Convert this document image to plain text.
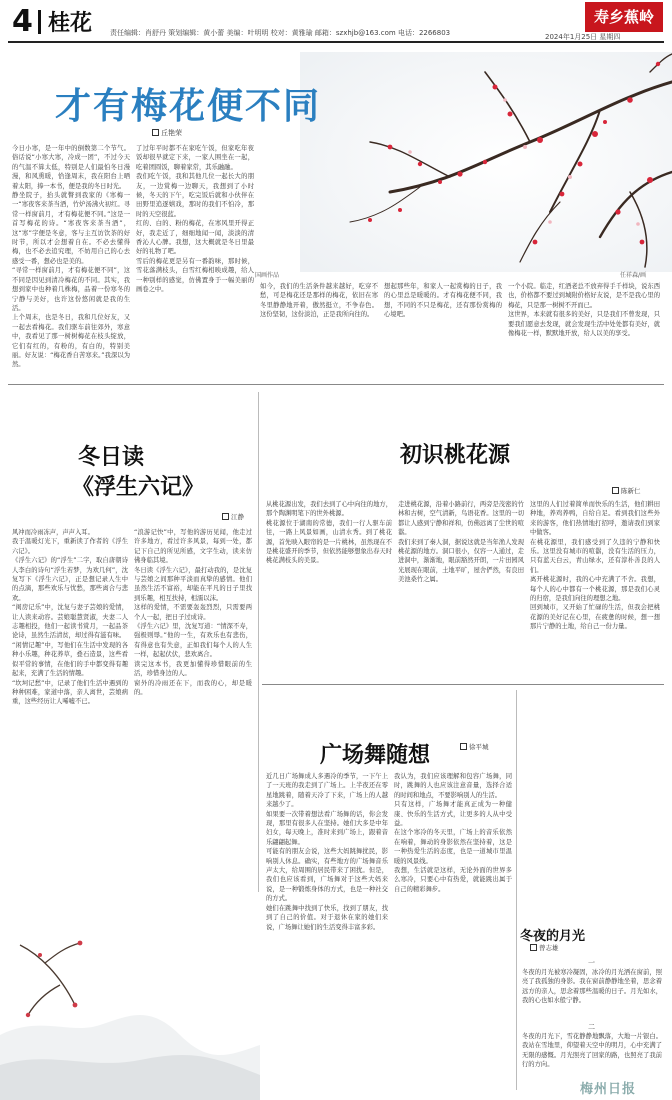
4 桂花	责任编辑：肖舒丹 策划编辑：黄小蕾 美编：叶明明 校对：黄雅瑜 邮箱：szxhjb@163.com 电话：2266803
寿乡蕉岭
2024年1月25日 星期四
国画作品	任祥森/画
才有梅花便不同
丘艳荣

今日小寒，是一年中的倒数第二个节气。俗话说“小寒大寒，冷成一团”，不过今天的气温不算太低，特别是人们最怕冬日漫漫，和风熏暖，恰逢周末，我在阳台上晒着太阳，捧一本书，便是我的冬日时光。

静坐院子，抬头就瞥到我家的《寒梅一一“寒夜客来茶当酒，竹炉汤沸火初红。寻常一样窗前月，才有梅花便不同。”这是一首写梅花的诗。“寒夜客来茶当酒”，这“寒”字便是冬意，客与主互访饮茶的好时节，所以才会想着自在。不必去懂得梅，也不必去追究理，不妨用自己的心去感受一番，想必也是美的。

“寻常一样窗前月，才有梅花便不同”，这不同是因见到清冷梅花的不同。其实，我想到家中也种着几株梅，品着一份寒冬的宁静与美好，也许这份悠闲就是我的生活。

上个周末，也是冬日，我和几位好友，又一起去看梅花。我们驱车前往郊外，寒意中，我看见了那一树树梅花在枝头绽放，它们有红的，有粉的，有白的，特别美丽。好友说：“梅花香自苦寒来。”我深以为然。

了过年平时都不在家吃午饭，但家吃年夜饭却很早就定下来，一家人围坐在一起，吃着团圆饭，聊着家常，其乐融融。

我们吃午饭，我和其他几位一起长大的朋友，一边赏梅一边聊天，我想到了小时候，冬天的下午，吃完饭后就和小伙伴在田野里追逐嬉戏，那时的我们不怕冷，那时的天空很蓝。

红的、白的、粉的梅花，在寒风里开得正好，我走近了，细细地闻一闻，淡淡的清香沁人心脾。我想，这大概就是冬日里最好的礼物了吧。

雪后的梅花更是另有一番韵味，那时候，雪花落满枝头，白雪红梅相映成趣，给人一种别样的感觉，仿佛置身于一幅美丽的画卷之中。	如今，我们的生活条件越来越好，吃穿不愁，可是梅花还是那样的梅花，依旧在寒冬里静静地开着，傲然挺立，不争春色。这份坚韧，这份淡泊，正是我所向往的。

想起那些年，和家人一起赏梅的日子，我的心里总是暖暖的。才有梅花便不同，我想，不同的不只是梅花，还有那份赏梅的心境吧。

一个小院。临走，红酒老总不放弃得手千样块，说东西也，价格都不要过到城附价格好友说，是不是我心里的梅花，只是那一树树不开而已。

这世界，本来就有很多的美好，只是我们不曾发现，只要我们愿意去发现，就会发现生活中处处都有美好，就像梅花一样，默默地开放，给人以美的享受。

冬日读
《浮生六记》
江静

风冲而冷雨冻声，声声入耳。

我于温暖灯光下，重新读了作者的《浮生六记》。

《浮生六记》的“浮生”二字，取自唐朝诗人李白的诗句“浮生若梦，为欢几何”，沈复写下《浮生六记》，正是想记录人生中的点滴，那些欢乐与忧愁，那些离合与悲欢。

“闺房记乐”中，沈复与妻子芸娘的爱情，让人读来动容。芸娘聪慧贤淑，夫妻二人志趣相投，他们一起读书赏月，一起品茶论诗，虽然生活清贫，却过得有滋有味。

“闲情记趣”中，写他们在生活中发现的各种小乐趣，种花养草，叠石造景，这些看似平常的事情，在他们的手中都变得有趣起来，充满了生活的情趣。

“坎坷记愁”中，记录了他们生活中遇到的种种困难，家道中落，亲人离世，芸娘病重，这些经历让人唏嘘不已。

“浪游记快”中，写他的游历见闻，他走过许多地方，看过许多风景，每到一处，都记下自己的所见所感，文字生动，读来仿佛身临其境。

冬日读《浮生六记》，最打动我的，是沈复与芸娘之间那种平淡而真挚的感情。他们虽然生活不富裕，却能在平凡的日子里找到乐趣，相互扶持，相濡以沫。

这样的爱情，不需要轰轰烈烈，只需要两个人一起，把日子过成诗。

《浮生六记》里，沈复写道：“情深不寿，强极则辱。”他的一生，有欢乐也有悲伤，有得意也有失意，正如我们每个人的人生一样，起起伏伏，悲欢离合。

读完这本书，我更加懂得珍惜眼前的生活，珍惜身边的人。

窗外的冷雨还在下，而我的心，却是暖的。

初识桃花源
陈新仁

从桃花源出发，我们去到了心中向往的地方，那个陶渊明笔下的世外桃源。

桃花源位于湖南的常德，我们一行人驱车前往，一路上风景如画，山清水秀。到了桃花源，首先映入眼帘的是一片桃林，虽然现在不是桃花盛开的季节，但依然能够想象出春天时桃花满枝头的美景。

走进桃花源，沿着小路前行，两旁是茂密的竹林和古树，空气清新，鸟语花香。这里的一切都让人感到宁静和祥和，仿佛远离了尘世的喧嚣。

我们来到了秦人洞，据说这就是当年渔人发现桃花源的地方。洞口很小，仅容一人通过，走进洞中，渐渐地，眼前豁然开朗，一片田园风光展现在眼前，土地平旷，屋舍俨然，有良田美池桑竹之属。

这里的人们过着简单而快乐的生活，他们耕田种地，养鸡养鸭，自给自足。看到我们这些外来的游客，他们热情地打招呼，邀请我们到家中做客。

在桃花源里，我们感受到了久违的宁静和快乐。这里没有城市的喧嚣，没有生活的压力，只有蓝天白云，青山绿水，还有淳朴善良的人们。

离开桃花源时，我的心中充满了不舍。我想，每个人的心中都有一个桃花源，那是我们心灵的归宿，是我们向往的理想之地。

回到城市，又开始了忙碌的生活，但我会把桃花源的美好记在心里，在疲惫的时候，想一想那片宁静的土地，给自己一份力量。

广场舞随想	徐平城

近几日广场舞成人多遇冷的季节，一下午上了一天班的我走到了广场上。上半夜还在零星地跳着，随着天冷了下来，广场上的人越来越少了。

如果要一次带着想法看广场舞的话，你会发现，那里有很多人在坚持。她们大多是中年妇女，每天晚上，准时来到广场上，跟着音乐翩翩起舞。

可能有的朋友会说，这些大妈跳舞扰民，影响别人休息。确实，有些地方的广场舞音乐声太大，给周围的居民带来了困扰。但是，我们也应该看到，广场舞对于这些大妈来说，是一种锻炼身体的方式，也是一种社交的方式。

她们在跳舞中找到了快乐，找到了朋友，找到了自己的价值。对于退休在家的她们来说，广场舞让她们的生活变得丰富多彩。

我认为，我们应该理解和包容广场舞，同时，跳舞的人也应该注意音量，选择合适的时间和地点，不要影响别人的生活。

只有这样，广场舞才能真正成为一种健康、快乐的生活方式，让更多的人从中受益。

在这个寒冷的冬天里，广场上的音乐依然在响着，舞动的身影依然在坚持着，这是一种热爱生活的态度，也是一道城市里温暖的风景线。

我想，生活就是这样，无论外面的世界多么寒冷，只要心中有热爱，就能跳出属于自己的精彩舞步。

冬夜的月光
曾志雄
一

冬夜的月光被寒冷凝固，冰冷的月光洒在窗前，照亮了我孤独的身影。我在窗前静静地坐着，思念着远方的亲人，思念着那些温暖的日子。月光如水，我的心也如水般宁静。

二

冬夜的月光下，雪花静静地飘落，大地一片银白。我站在雪地里，仰望着天空中的明月，心中充满了无限的感慨。月光照亮了回家的路，也照亮了我前行的方向。

梅州日报
